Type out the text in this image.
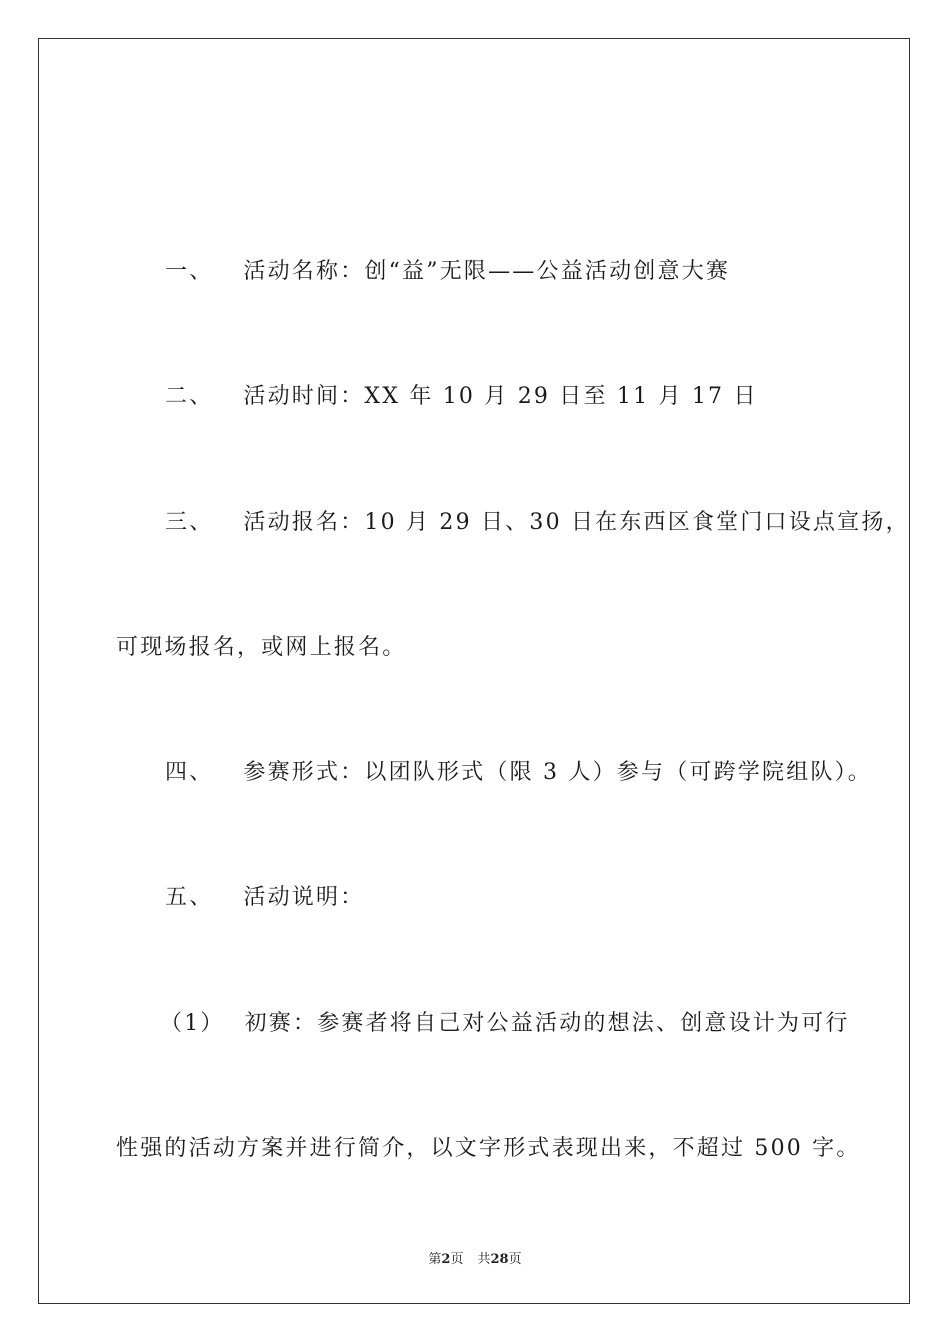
一、 活动名称：创“益”无限——公益活动创意大赛
二、 活动时间：XX 年 10 月 29 日至 11 月 17 日
三、 活动报名：10 月 29 日、30 日在东西区食堂门口设点宣扬，
可现场报名，或网上报名。
四、 参赛形式：以团队形式（限 3 人）参与（可跨学院组队）。
五、 活动说明：
（1） 初赛：参赛者将自己对公益活动的想法、创意设计为可行
性强的活动方案并进行简介，以文字形式表现出来，不超过 500 字。
第2页 共28页
